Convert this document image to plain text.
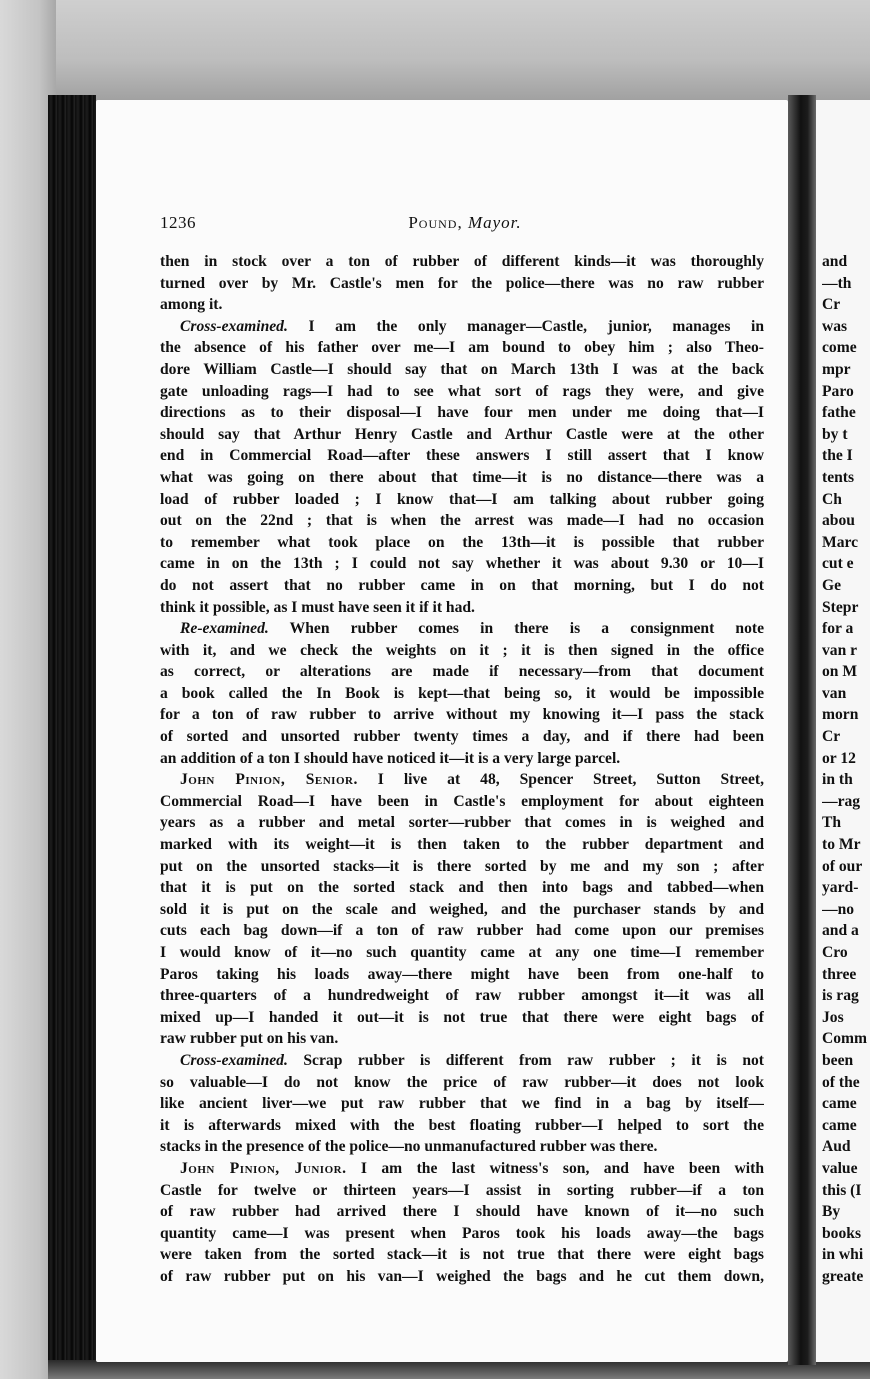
1236	Pound, Mayor.
then in stock over a ton of rubber of different kinds—it was thoroughly
turned over by Mr. Castle's men for the police—there was no raw rubber
among it.
Cross-examined. I am the only manager—Castle, junior, manages in
the absence of his father over me—I am bound to obey him ; also Theo-
dore William Castle—I should say that on March 13th I was at the back
gate unloading rags—I had to see what sort of rags they were, and give
directions as to their disposal—I have four men under me doing that—I
should say that Arthur Henry Castle and Arthur Castle were at the other
end in Commercial Road—after these answers I still assert that I know
what was going on there about that time—it is no distance—there was a
load of rubber loaded ; I know that—I am talking about rubber going
out on the 22nd ; that is when the arrest was made—I had no occasion
to remember what took place on the 13th—it is possible that rubber
came in on the 13th ; I could not say whether it was about 9.30 or 10—I
do not assert that no rubber came in on that morning, but I do not
think it possible, as I must have seen it if it had.
Re-examined. When rubber comes in there is a consignment note
with it, and we check the weights on it ; it is then signed in the office
as correct, or alterations are made if necessary—from that document
a book called the In Book is kept—that being so, it would be impossible
for a ton of raw rubber to arrive without my knowing it—I pass the stack
of sorted and unsorted rubber twenty times a day, and if there had been
an addition of a ton I should have noticed it—it is a very large parcel.
John Pinion, Senior. I live at 48, Spencer Street, Sutton Street,
Commercial Road—I have been in Castle's employment for about eighteen
years as a rubber and metal sorter—rubber that comes in is weighed and
marked with its weight—it is then taken to the rubber department and
put on the unsorted stacks—it is there sorted by me and my son ; after
that it is put on the sorted stack and then into bags and tabbed—when
sold it is put on the scale and weighed, and the purchaser stands by and
cuts each bag down—if a ton of raw rubber had come upon our premises
I would know of it—no such quantity came at any one time—I remember
Paros taking his loads away—there might have been from one-half to
three-quarters of a hundredweight of raw rubber amongst it—it was all
mixed up—I handed it out—it is not true that there were eight bags of
raw rubber put on his van.
Cross-examined. Scrap rubber is different from raw rubber ; it is not
so valuable—I do not know the price of raw rubber—it does not look
like ancient liver—we put raw rubber that we find in a bag by itself—
it is afterwards mixed with the best floating rubber—I helped to sort the
stacks in the presence of the police—no unmanufactured rubber was there.
John Pinion, Junior. I am the last witness's son, and have been with
Castle for twelve or thirteen years—I assist in sorting rubber—if a ton
of raw rubber had arrived there I should have known of it—no such
quantity came—I was present when Paros took his loads away—the bags
were taken from the sorted stack—it is not true that there were eight bags
of raw rubber put on his van—I weighed the bags and he cut them down,
and
—th
Cr
was
come
mpr
Paro
fathe
by t
the I
tents
Ch
abou
Marc
cut e
Ge
Stepr
for a
van r
on M
van
morn
Cr
or 12
in th
—rag
Th
to Mr
of our
yard-
—no
and a
Cro
three
is rag
Jos
Comm
been
of the
came
came
Aud
value
this (I
By
books
in whi
greate
